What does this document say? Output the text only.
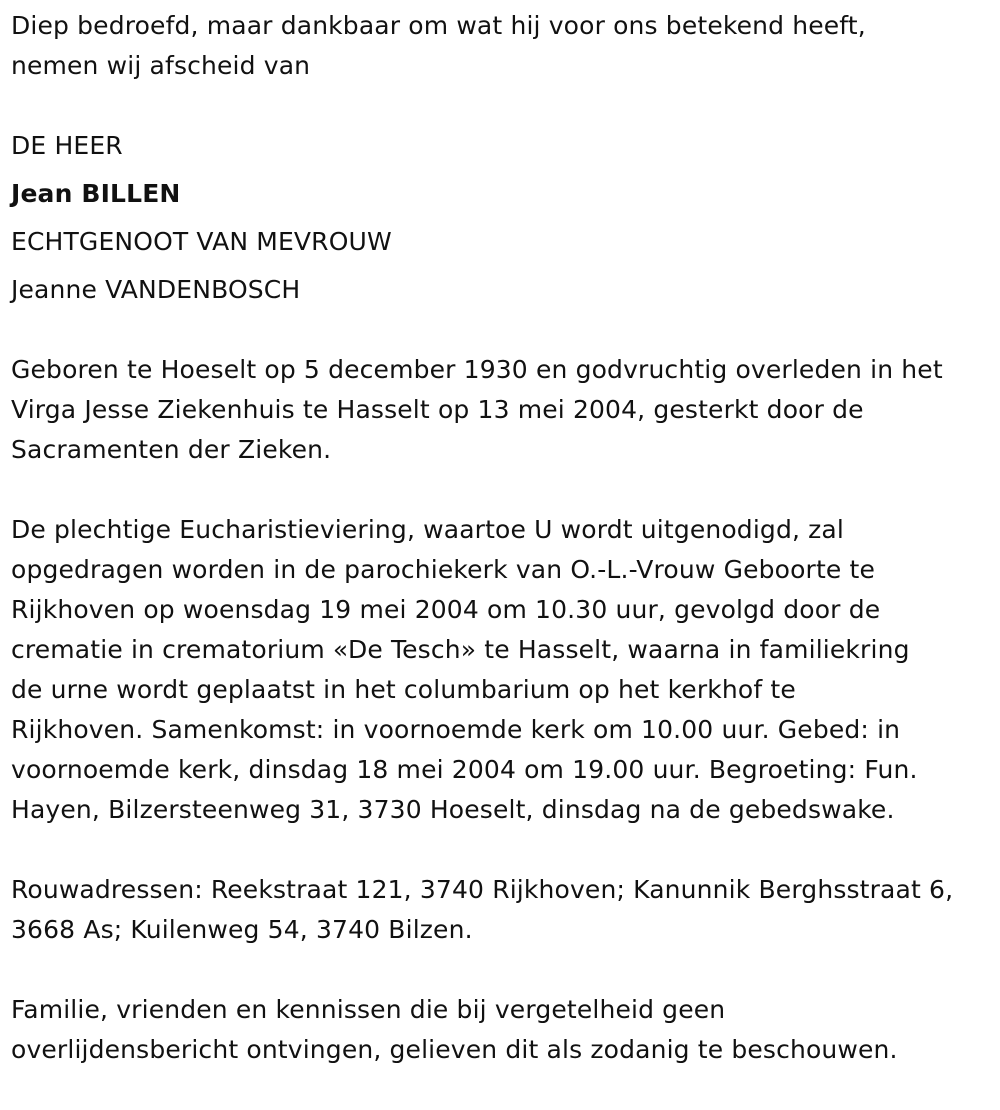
Diep bedroefd, maar dankbaar om wat hij voor ons betekend heeft,
nemen wij afscheid van
DE HEER
Jean BILLEN
ECHTGENOOT VAN MEVROUW
Jeanne VANDENBOSCH
Geboren te Hoeselt op 5 december 1930 en godvruchtig overleden in het
Virga Jesse Ziekenhuis te Hasselt op 13 mei 2004, gesterkt door de
Sacramenten der Zieken.
De plechtige Eucharistieviering, waartoe U wordt uitgenodigd, zal
opgedragen worden in de parochiekerk van O.-L.-Vrouw Geboorte te
Rijkhoven op woensdag 19 mei 2004 om 10.30 uur, gevolgd door de
crematie in crematorium «De Tesch» te Hasselt, waarna in familiekring
de urne wordt geplaatst in het columbarium op het kerkhof te
Rijkhoven. Samenkomst: in voornoemde kerk om 10.00 uur. Gebed: in
voornoemde kerk, dinsdag 18 mei 2004 om 19.00 uur. Begroeting: Fun.
Hayen, Bilzersteenweg 31, 3730 Hoeselt, dinsdag na de gebedswake.
Rouwadressen: Reekstraat 121, 3740 Rijkhoven; Kanunnik Berghsstraat 6,
3668 As; Kuilenweg 54, 3740 Bilzen.
Familie, vrienden en kennissen die bij vergetelheid geen
overlijdensbericht ontvingen, gelieven dit als zodanig te beschouwen.
